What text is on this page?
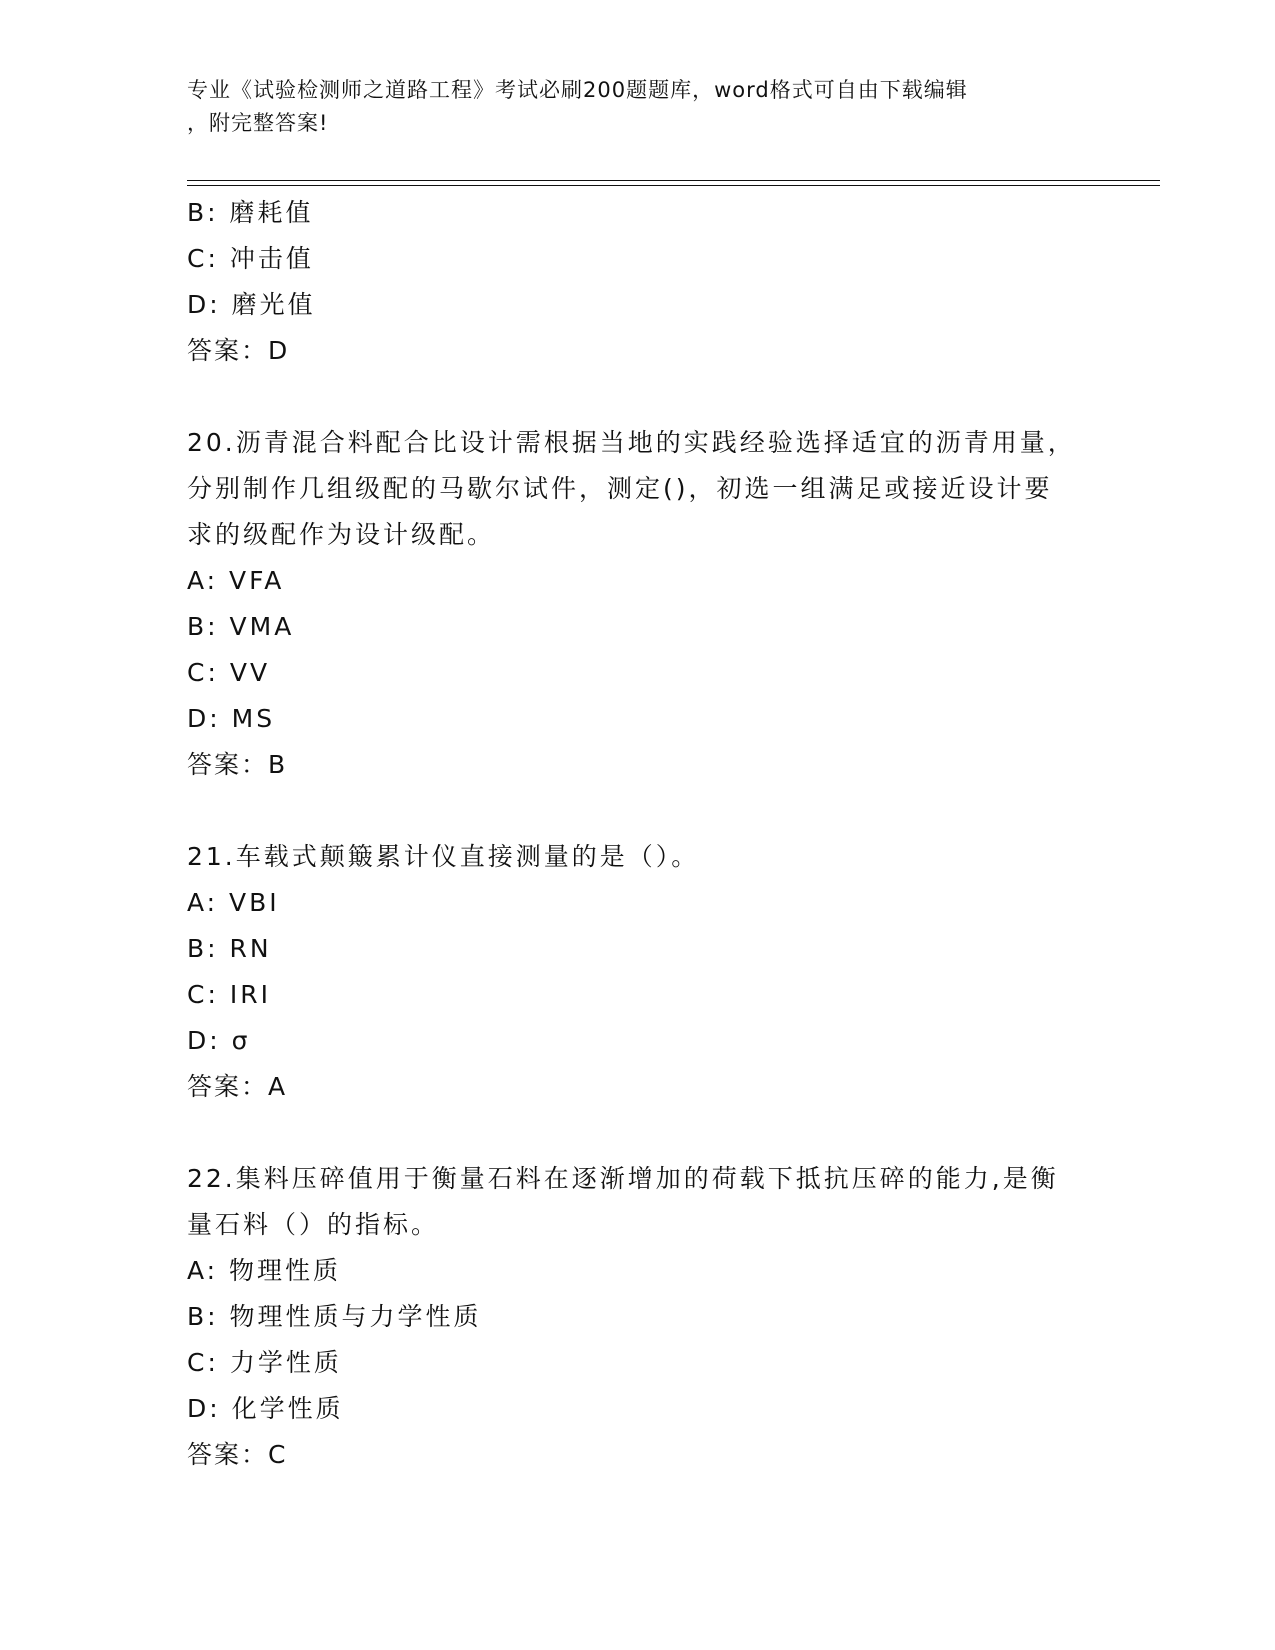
专业《试验检测师之道路工程》考试必刷200题题库，word格式可自由下载编辑
，附完整答案!
B: 磨耗值
C: 冲击值
D: 磨光值
答案：D
20.沥青混合料配合比设计需根据当地的实践经验选择适宜的沥青用量，分别制作几组级配的马歇尔试件，测定()，初选一组满足或接近设计要求的级配作为设计级配。
A: VFA
B: VMA
C: VV
D: MS
答案：B
21.车载式颠簸累计仪直接测量的是（）。
A: VBI
B: RN
C: IRI
D: σ
答案：A
22.集料压碎值用于衡量石料在逐渐增加的荷载下抵抗压碎的能力,是衡量石料（）的指标。
A: 物理性质
B: 物理性质与力学性质
C: 力学性质
D: 化学性质
答案：C
